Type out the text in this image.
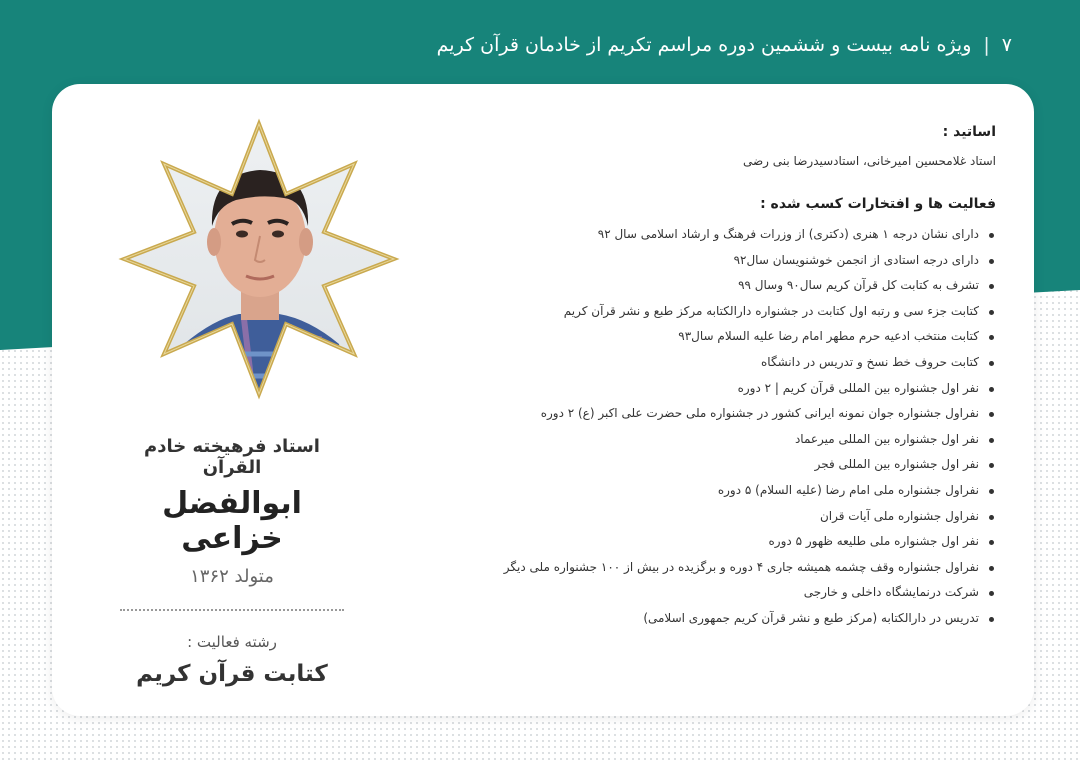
۷
|
ویژه نامه بیست و ششمین دوره مراسم تکریم از خادمان قرآن کریم
استاد فرهیخته خادم القرآن
ابوالفضل خزاعی
متولد ۱۳۶۲
رشته فعالیت :
کتابت قرآن کریم
اساتید :
استاد غلامحسین امیرخانی، استادسیدرضا بنی رضی
فعالیت ها و افتخارات کسب شده :
دارای نشان درجه ۱ هنری (دکتری) از وزرات فرهنگ و ارشاد اسلامی سال ۹۲
دارای درجه استادی از انجمن خوشنویسان سال۹۲
تشرف به کتابت کل قرآن کریم سال۹۰ وسال ۹۹
کتابت جزء سی و رتبه اول کتابت در جشنواره دارالکتابه مرکز طبع و نشر قرآن کریم
کتابت منتخب ادعیه حرم مطهر امام رضا علیه السلام سال۹۳
کتابت حروف خط نسخ و تدریس در دانشگاه
نفر اول جشنواره بین المللی قرآن کریم | ۲ دوره
نفراول جشنواره جوان نمونه ایرانی کشور در جشنواره ملی حضرت علی اکبر (ع) ۲ دوره
نفر اول جشنواره بین المللی میرعماد
نفر اول جشنواره بین المللی فجر
نفراول جشنواره ملی امام رضا (علیه السلام) ۵ دوره
نفراول جشنواره ملی آیات قران
نفر اول جشنواره ملی طلیعه ظهور ۵ دوره
نفراول جشنواره وقف چشمه همیشه جاری ۴ دوره و برگزیده در بیش از ۱۰۰ جشنواره ملی دیگر
شرکت درنمایشگاه داخلی و خارجی
تدریس در دارالکتابه (مرکز طبع و نشر قرآن کریم جمهوری اسلامی)
